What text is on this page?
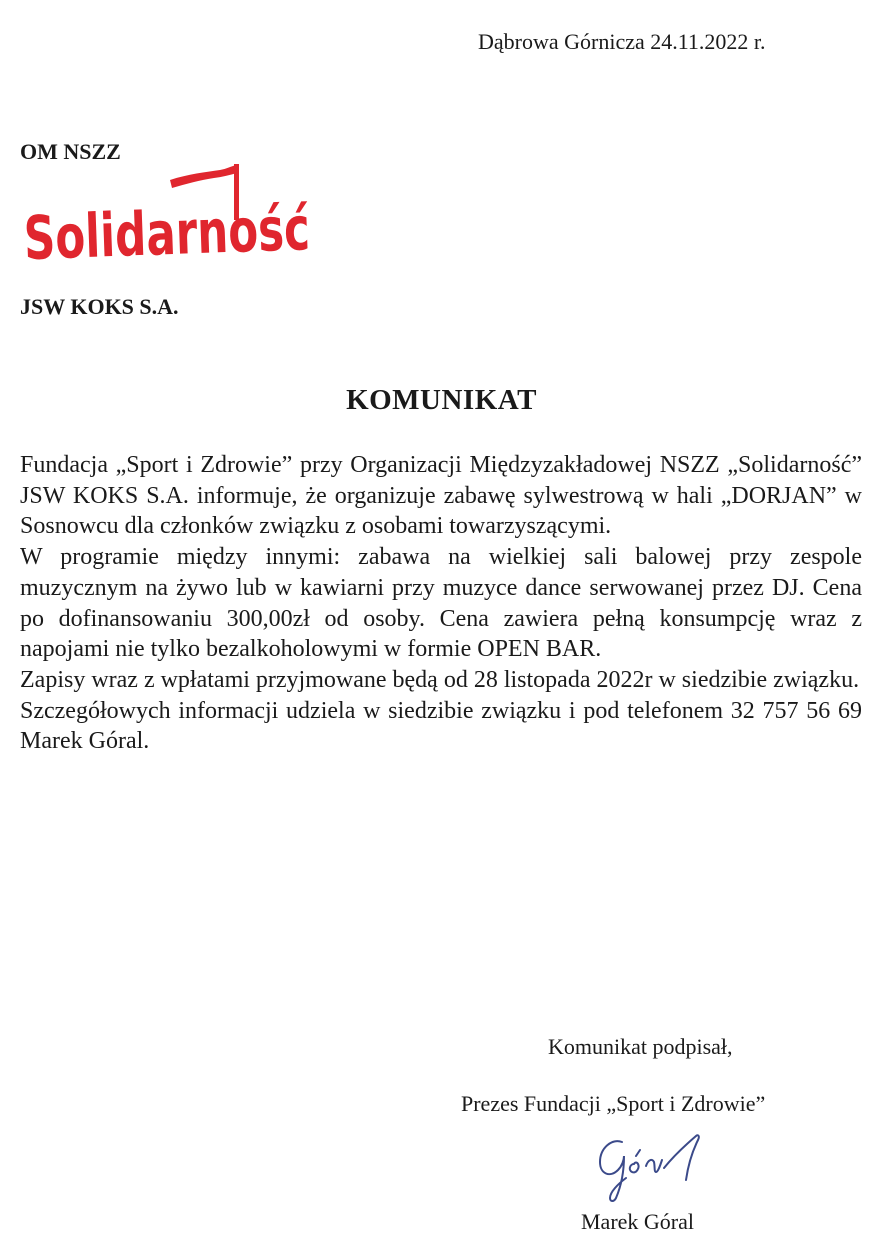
Dąbrowa Górnicza 24.11.2022 r.
OM NSZZ
Solidarność
JSW KOKS S.A.
KOMUNIKAT

Fundacja „Sport i Zdrowie” przy Organizacji Międzyzakładowej NSZZ „Solidarność” JSW KOKS S.A. informuje, że organizuje zabawę sylwestrową w hali „DORJAN” w Sosnowcu dla członków związku z osobami towarzyszącymi.

W programie między innymi: zabawa na wielkiej sali balowej przy zespole muzycznym na żywo lub w kawiarni przy muzyce dance serwowanej przez DJ. Cena po dofinansowaniu 300,00zł od osoby. Cena zawiera pełną konsumpcję wraz z napojami nie tylko bezalkoholowymi w formie OPEN BAR.

Zapisy wraz z wpłatami przyjmowane będą od 28 listopada 2022r w siedzibie związku.

Szczegółowych informacji udziela w siedzibie związku i pod telefonem 32 757 56 69 Marek Góral.

Komunikat podpisał,
Prezes Fundacji „Sport i Zdrowie”
Marek Góral
